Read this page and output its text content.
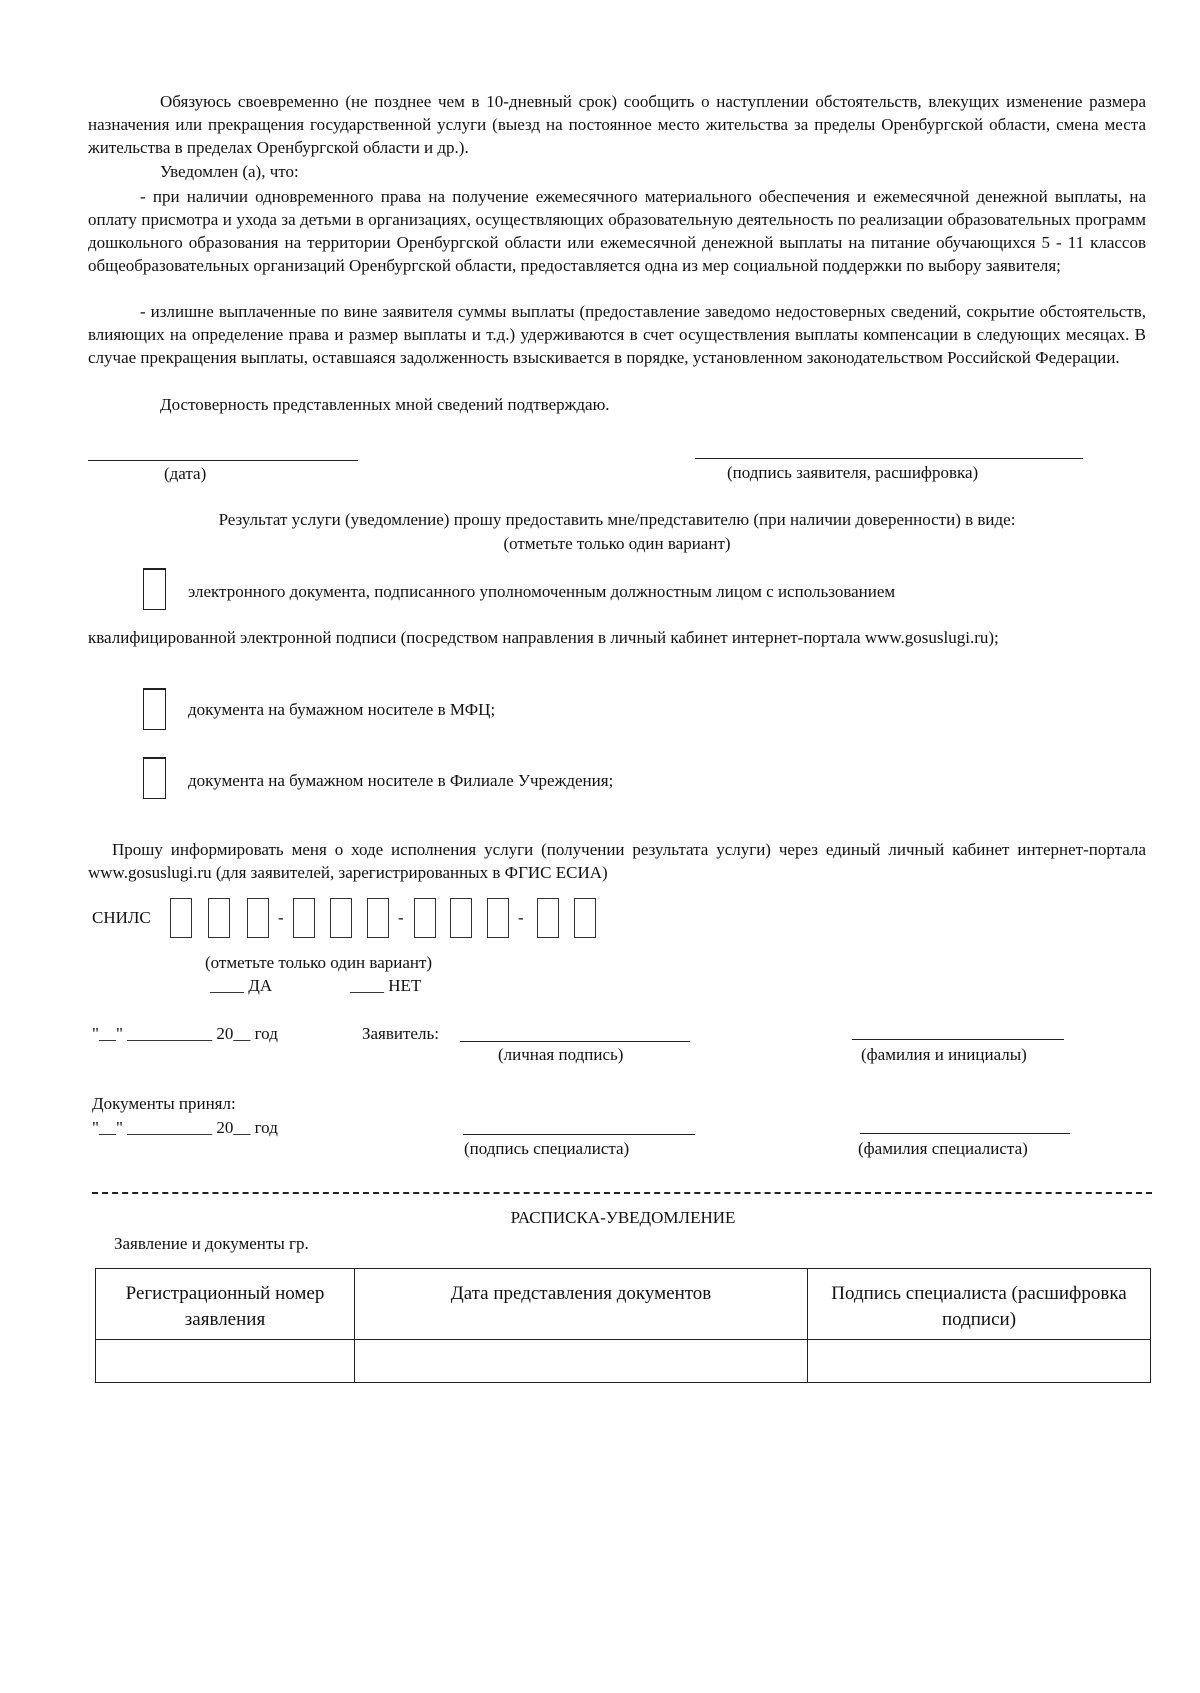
Обязуюсь своевременно (не позднее чем в 10-дневный срок) сообщить о наступлении обстоятельств, влекущих изменение размера назначения или прекращения государственной услуги (выезд на постоянное место жительства за пределы Оренбургской области, смена места жительства в пределах Оренбургской области и др.).

Уведомлен (а), что:

- при наличии одновременного права на получение ежемесячного материального обеспечения и ежемесячной денежной выплаты, на оплату присмотра и ухода за детьми в организациях, осуществляющих образовательную деятельность по реализации образовательных программ дошкольного образования на территории Оренбургской области или ежемесячной денежной выплаты на питание обучающихся 5 - 11 классов общеобразовательных организаций Оренбургской области, предоставляется одна из мер социальной поддержки по выбору заявителя;

- излишне выплаченные по вине заявителя суммы выплаты (предоставление заведомо недостоверных сведений, сокрытие обстоятельств, влияющих на определение права и размер выплаты и т.д.) удерживаются в счет осуществления выплаты компенсации в следующих месяцах. В случае прекращения выплаты, оставшаяся задолженность взыскивается в порядке, установленном законодательством Российской Федерации.

Достоверность представленных мной сведений подтверждаю.

(дата)	(подпись заявителя, расшифровка)
Результат услуги (уведомление) прошу предоставить мне/представителю (при наличии доверенности) в виде:
(отметьте только один вариант)
электронного документа, подписанного уполномоченным должностным лицом с использованием

квалифицированной электронной подписи (посредством направления в личный кабинет интернет-портала www.gosuslugi.ru);

документа на бумажном носителе в МФЦ;
документа на бумажном носителе в Филиале Учреждения;

Прошу информировать меня о ходе исполнения услуги (получении результата услуги) через единый личный кабинет интернет-портала www.gosuslugi.ru (для заявителей, зарегистрированных в ФГИС ЕСИА)

СНИЛС	-	-	-
(отметьте только один вариант)
____ ДА	____ НЕТ
"__" __________ 20__ год	Заявитель:
(личная подпись)	(фамилия и инициалы)
Документы принял:
"__" __________ 20__ год
(подпись специалиста)	(фамилия специалиста)
РАСПИСКА-УВЕДОМЛЕНИЕ
Заявление и документы гр.
Регистрационный номер заявления	Дата представления документов	Подпись специалиста (расшифровка подписи)
